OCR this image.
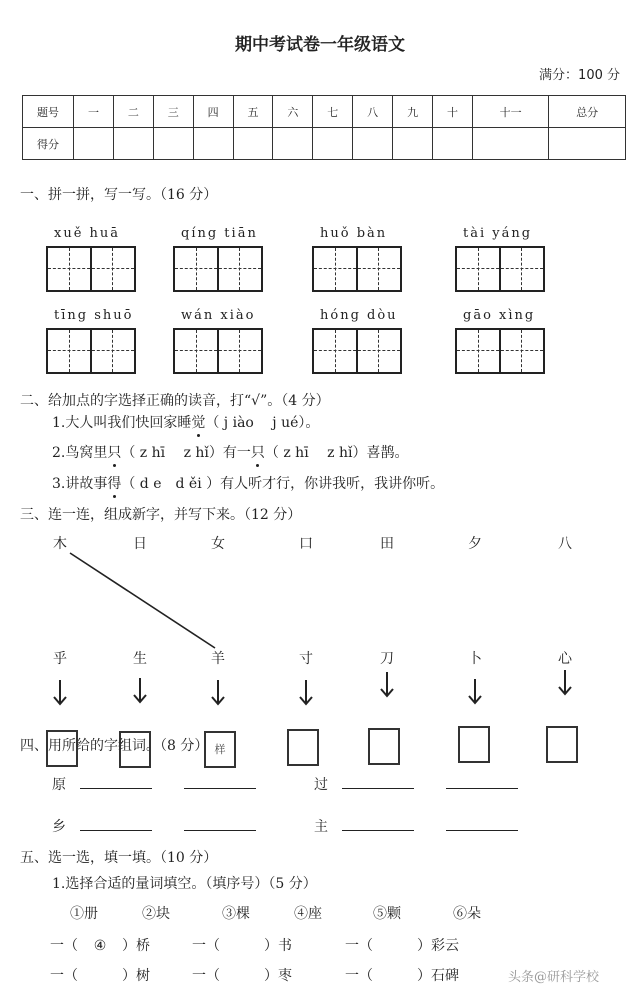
期中考试卷一年级语文
满分：100 分
题号	一	二	三	四	五	六	七	八	九	十	十一	总分
得分												
一、拼一拼，写一写。（16 分）
二、给加点的字选择正确的读音，打“√”。（4 分）
1.大人叫我们快回家睡觉（ j iào　 j ué）。
2.鸟窝里只（ z hī　 z hǐ）有一只（ z hī　 z hǐ）喜鹊。
3.讲故事得（ d e　d ěi ）有人听才行，你讲我听，我讲你听。
三、连一连，组成新字，并写下来。（12 分）
四、用所给的字组词。（8 分）
原	过
乡	主
五、选一选，填一填。（10 分）
1.选择合适的量词填空。（填序号）（5 分）
头条@研科学校
xuě huā	qíng tiān	huǒ bàn	tài yáng
tīng shuō	wán xiào	hóng dòu	gāo xìng
木
乎
日
生
女
羊
样
口
寸
田
刀
夕
卜
八
心
①册	②块	③棵	④座	⑤颗	⑥朵
一（ ④ ）桥	一（	）书	一（	）彩云
一（	）树	一（	）枣	一（	）石碑
